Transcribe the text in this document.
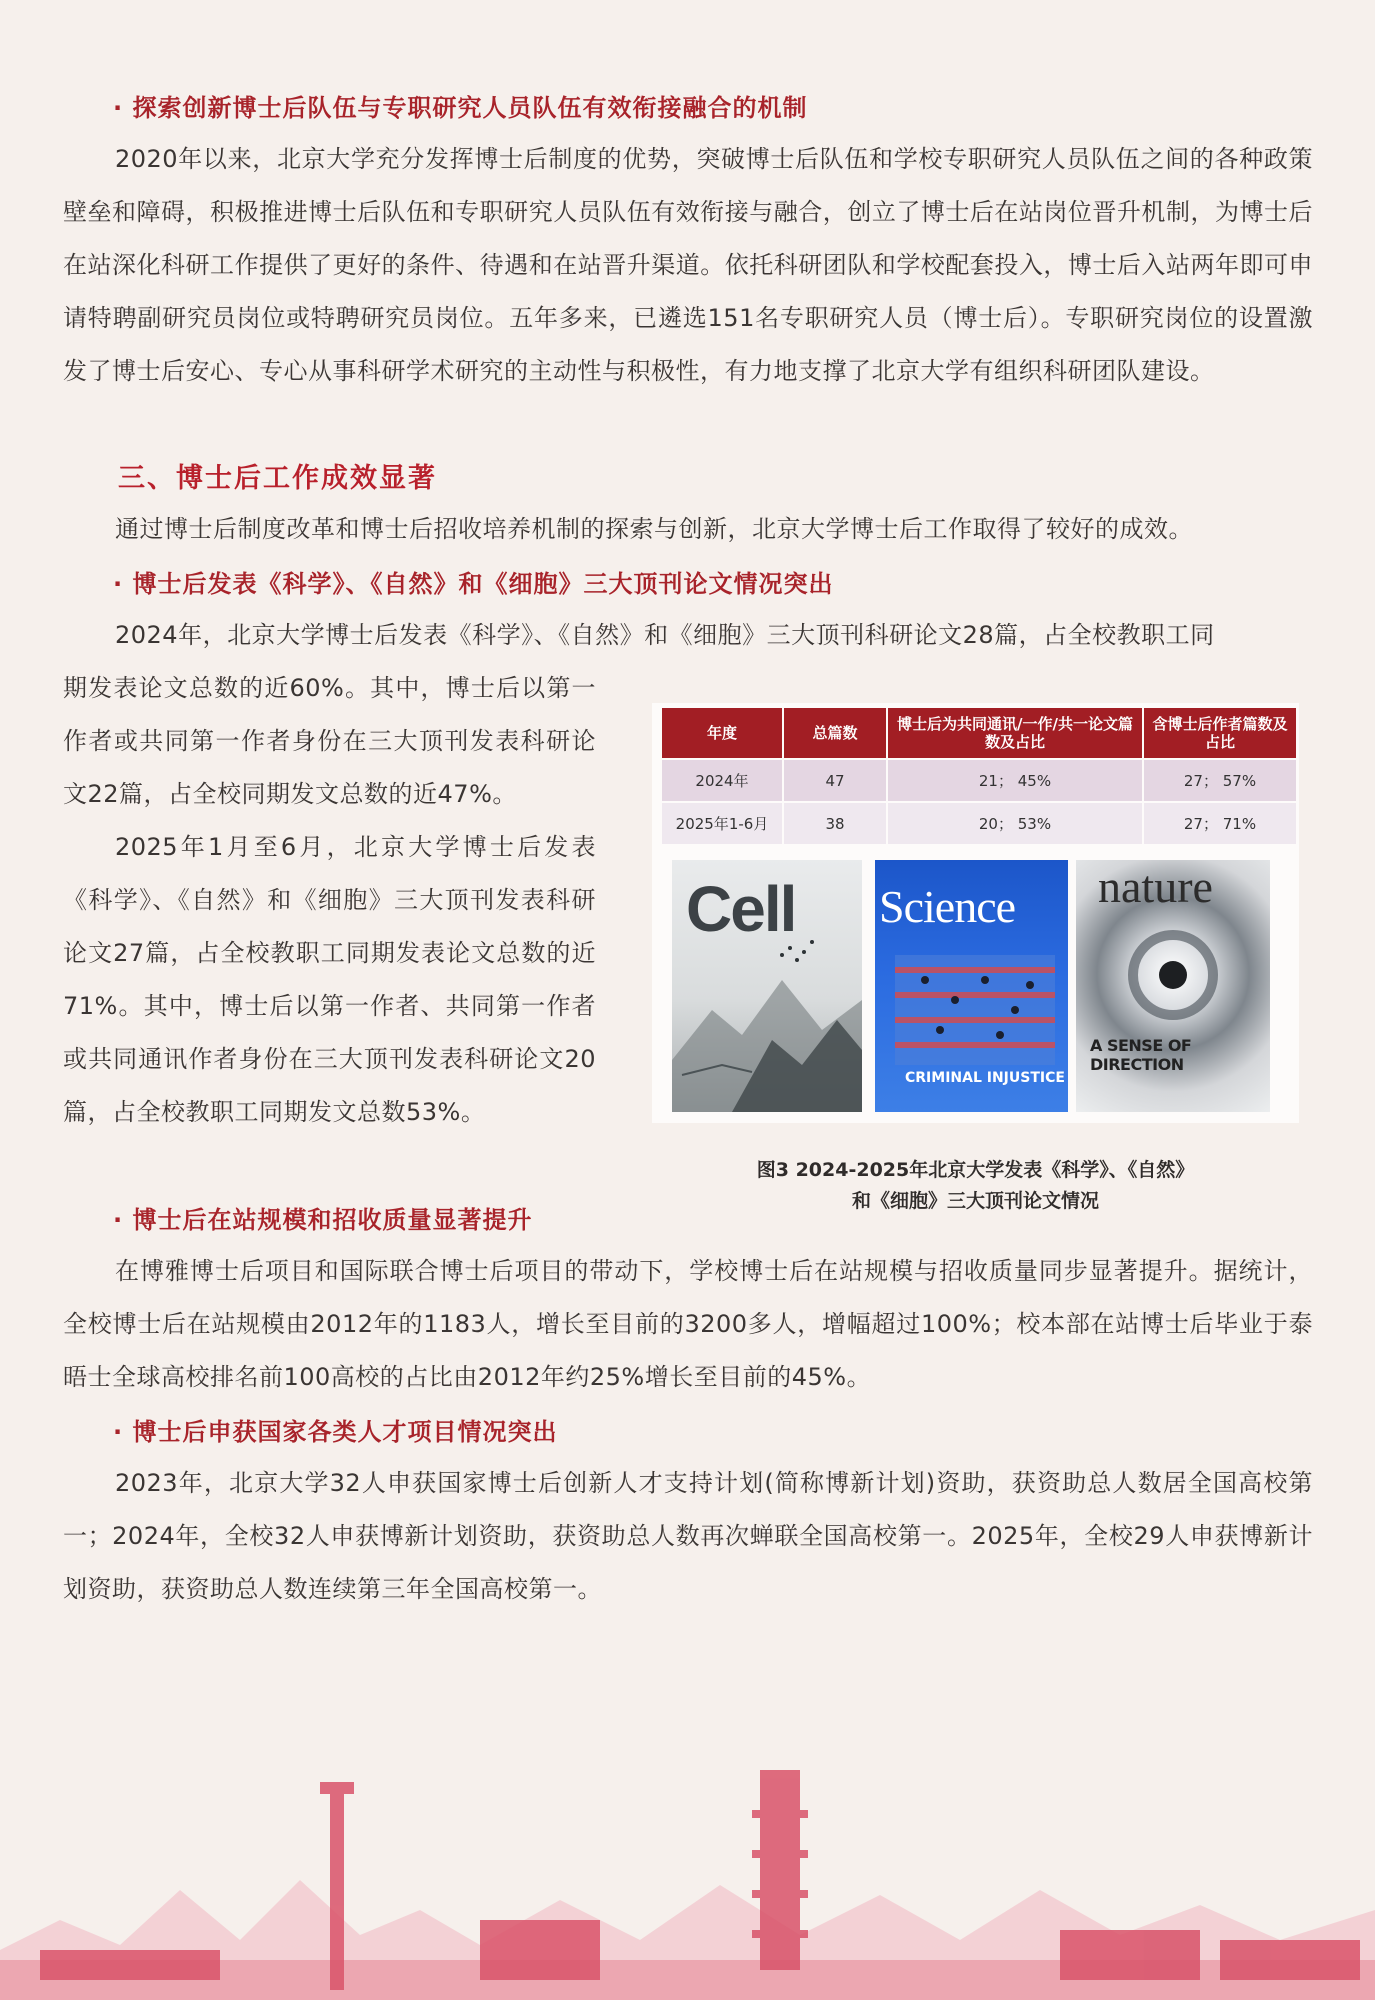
· 探索创新博士后队伍与专职研究人员队伍有效衔接融合的机制
2020年以来，北京大学充分发挥博士后制度的优势，突破博士后队伍和学校专职研究人员队伍之间的各种政策壁垒和障碍，积极推进博士后队伍和专职研究人员队伍有效衔接与融合，创立了博士后在站岗位晋升机制，为博士后在站深化科研工作提供了更好的条件、待遇和在站晋升渠道。依托科研团队和学校配套投入，博士后入站两年即可申请特聘副研究员岗位或特聘研究员岗位。五年多来，已遴选151名专职研究人员（博士后）。专职研究岗位的设置激发了博士后安心、专心从事科研学术研究的主动性与积极性，有力地支撑了北京大学有组织科研团队建设。
三、博士后工作成效显著
通过博士后制度改革和博士后招收培养机制的探索与创新，北京大学博士后工作取得了较好的成效。
· 博士后发表《科学》、《自然》和《细胞》三大顶刊论文情况突出
2024年，北京大学博士后发表《科学》、《自然》和《细胞》三大顶刊科研论文28篇，占全校教职工同
期发表论文总数的近60%。其中，博士后以第一作者或共同第一作者身份在三大顶刊发表科研论文22篇，占全校同期发文总数的近47%。
2025年1月至6月，北京大学博士后发表《科学》、《自然》和《细胞》三大顶刊发表科研论文27篇，占全校教职工同期发表论文总数的近71%。其中，博士后以第一作者、共同第一作者或共同通讯作者身份在三大顶刊发表科研论文20篇，占全校教职工同期发文总数53%。
年度	总篇数	博士后为共同通讯/一作/共一论文篇数及占比	含博士后作者篇数及占比
2024年	47	21； 45%	27； 57%
2025年1-6月	38	20； 53%	27； 71%
Cell Science
CRIMINAL INJUSTICE
nature
A SENSE OF DIRECTION
图3 2024-2025年北京大学发表《科学》、《自然》
和《细胞》三大顶刊论文情况
· 博士后在站规模和招收质量显著提升
在博雅博士后项目和国际联合博士后项目的带动下，学校博士后在站规模与招收质量同步显著提升。据统计，全校博士后在站规模由2012年的1183人，增长至目前的3200多人，增幅超过100%；校本部在站博士后毕业于泰晤士全球高校排名前100高校的占比由2012年约25%增长至目前的45%。
· 博士后申获国家各类人才项目情况突出
2023年，北京大学32人申获国家博士后创新人才支持计划(简称博新计划)资助，获资助总人数居全国高校第一；2024年，全校32人申获博新计划资助，获资助总人数再次蝉联全国高校第一。2025年，全校29人申获博新计划资助，获资助总人数连续第三年全国高校第一。
